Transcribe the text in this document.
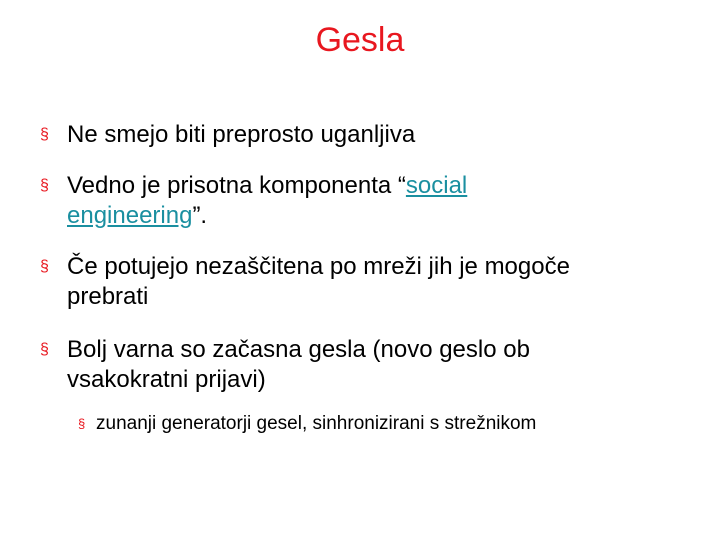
Gesla
§ Ne smejo biti preprosto uganljiva
§ Vedno je prisotna komponenta “social
engineering”.
§ Če potujejo nezaščitena po mreži jih je mogoče
prebrati
§ Bolj varna so začasna gesla (novo geslo ob
vsakokratni prijavi)
§ zunanji generatorji gesel, sinhronizirani s strežnikom
